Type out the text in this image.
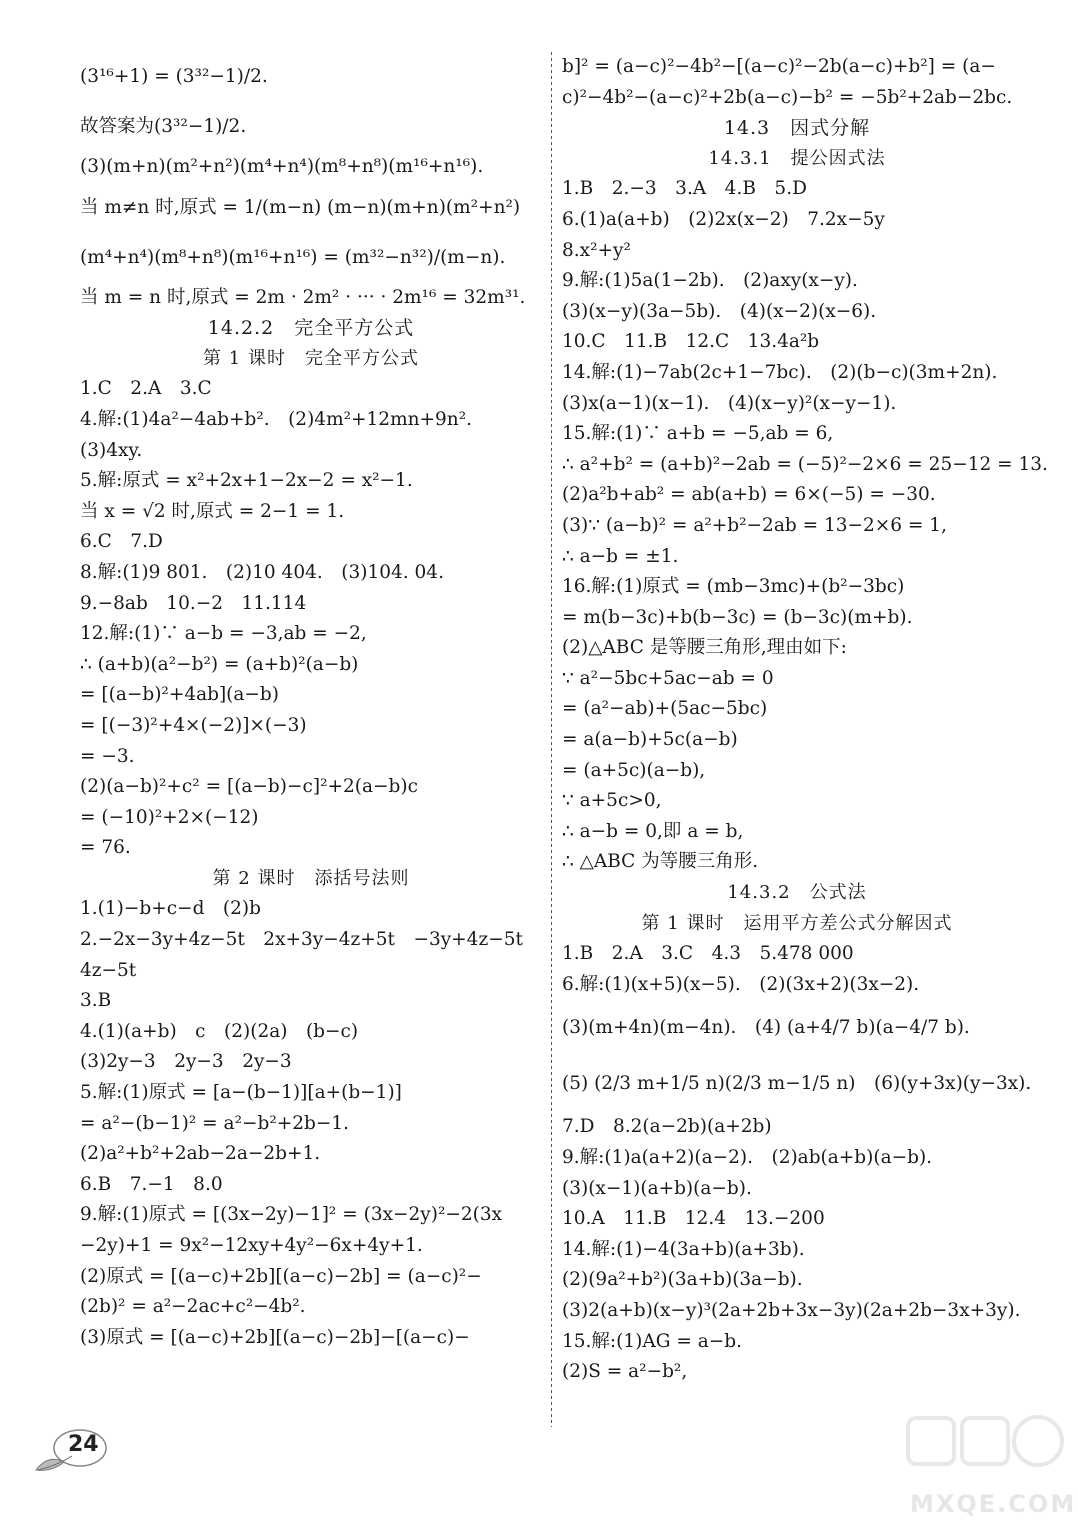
(3¹⁶+1) = (3³²−1)/2.
故答案为(3³²−1)/2.
(3)(m+n)(m²+n²)(m⁴+n⁴)(m⁸+n⁸)(m¹⁶+n¹⁶).
当 m≠n 时,原式 = 1/(m−n) (m−n)(m+n)(m²+n²)
(m⁴+n⁴)(m⁸+n⁸)(m¹⁶+n¹⁶) = (m³²−n³²)/(m−n).
当 m = n 时,原式 = 2m · 2m² · ··· · 2m¹⁶ = 32m³¹.
14.2.2　完全平方公式
第 1 课时　完全平方公式
1.C　2.A　3.C
4.解:(1)4a²−4ab+b².　(2)4m²+12mn+9n².
(3)4xy.
5.解:原式 = x²+2x+1−2x−2 = x²−1.
当 x = √2 时,原式 = 2−1 = 1.
6.C　7.D
8.解:(1)9 801.　(2)10 404.　(3)104. 04.
9.−8ab　10.−2　11.114
12.解:(1)∵ a−b = −3,ab = −2,
∴ (a+b)(a²−b²) = (a+b)²(a−b)
= [(a−b)²+4ab](a−b)
= [(−3)²+4×(−2)]×(−3)
= −3.
(2)(a−b)²+c² = [(a−b)−c]²+2(a−b)c
= (−10)²+2×(−12)
= 76.
第 2 课时　添括号法则
1.(1)−b+c−d　(2)b
2.−2x−3y+4z−5t　2x+3y−4z+5t　−3y+4z−5t
4z−5t
3.B
4.(1)(a+b)　c　(2)(2a)　(b−c)
(3)2y−3　2y−3　2y−3
5.解:(1)原式 = [a−(b−1)][a+(b−1)]
= a²−(b−1)² = a²−b²+2b−1.
(2)a²+b²+2ab−2a−2b+1.
6.B　7.−1　8.0
9.解:(1)原式 = [(3x−2y)−1]² = (3x−2y)²−2(3x
−2y)+1 = 9x²−12xy+4y²−6x+4y+1.
(2)原式 = [(a−c)+2b][(a−c)−2b] = (a−c)²−
(2b)² = a²−2ac+c²−4b².
(3)原式 = [(a−c)+2b][(a−c)−2b]−[(a−c)−
b]² = (a−c)²−4b²−[(a−c)²−2b(a−c)+b²] = (a−
c)²−4b²−(a−c)²+2b(a−c)−b² = −5b²+2ab−2bc.
14.3　因式分解
14.3.1　提公因式法
1.B　2.−3　3.A　4.B　5.D
6.(1)a(a+b)　(2)2x(x−2)　7.2x−5y
8.x²+y²
9.解:(1)5a(1−2b).　(2)axy(x−y).
(3)(x−y)(3a−5b).　(4)(x−2)(x−6).
10.C　11.B　12.C　13.4a²b
14.解:(1)−7ab(2c+1−7bc).　(2)(b−c)(3m+2n).
(3)x(a−1)(x−1).　(4)(x−y)²(x−y−1).
15.解:(1)∵ a+b = −5,ab = 6,
∴ a²+b² = (a+b)²−2ab = (−5)²−2×6 = 25−12 = 13.
(2)a²b+ab² = ab(a+b) = 6×(−5) = −30.
(3)∵ (a−b)² = a²+b²−2ab = 13−2×6 = 1,
∴ a−b = ±1.
16.解:(1)原式 = (mb−3mc)+(b²−3bc)
= m(b−3c)+b(b−3c) = (b−3c)(m+b).
(2)△ABC 是等腰三角形,理由如下:
∵ a²−5bc+5ac−ab = 0
= (a²−ab)+(5ac−5bc)
= a(a−b)+5c(a−b)
= (a+5c)(a−b),
∵ a+5c>0,
∴ a−b = 0,即 a = b,
∴ △ABC 为等腰三角形.
14.3.2　公式法
第 1 课时　运用平方差公式分解因式
1.B　2.A　3.C　4.3　5.478 000
6.解:(1)(x+5)(x−5).　(2)(3x+2)(3x−2).
(3)(m+4n)(m−4n).　(4) (a+4/7 b)(a−4/7 b).
(5) (2/3 m+1/5 n)(2/3 m−1/5 n)　(6)(y+3x)(y−3x).
7.D　8.2(a−2b)(a+2b)
9.解:(1)a(a+2)(a−2).　(2)ab(a+b)(a−b).
(3)(x−1)(a+b)(a−b).
10.A　11.B　12.4　13.−200
14.解:(1)−4(3a+b)(a+3b).
(2)(9a²+b²)(3a+b)(3a−b).
(3)2(a+b)(x−y)³(2a+2b+3x−3y)(2a+2b−3x+3y).
15.解:(1)AG = a−b.
(2)S = a²−b²,
24
MXQE.COM
